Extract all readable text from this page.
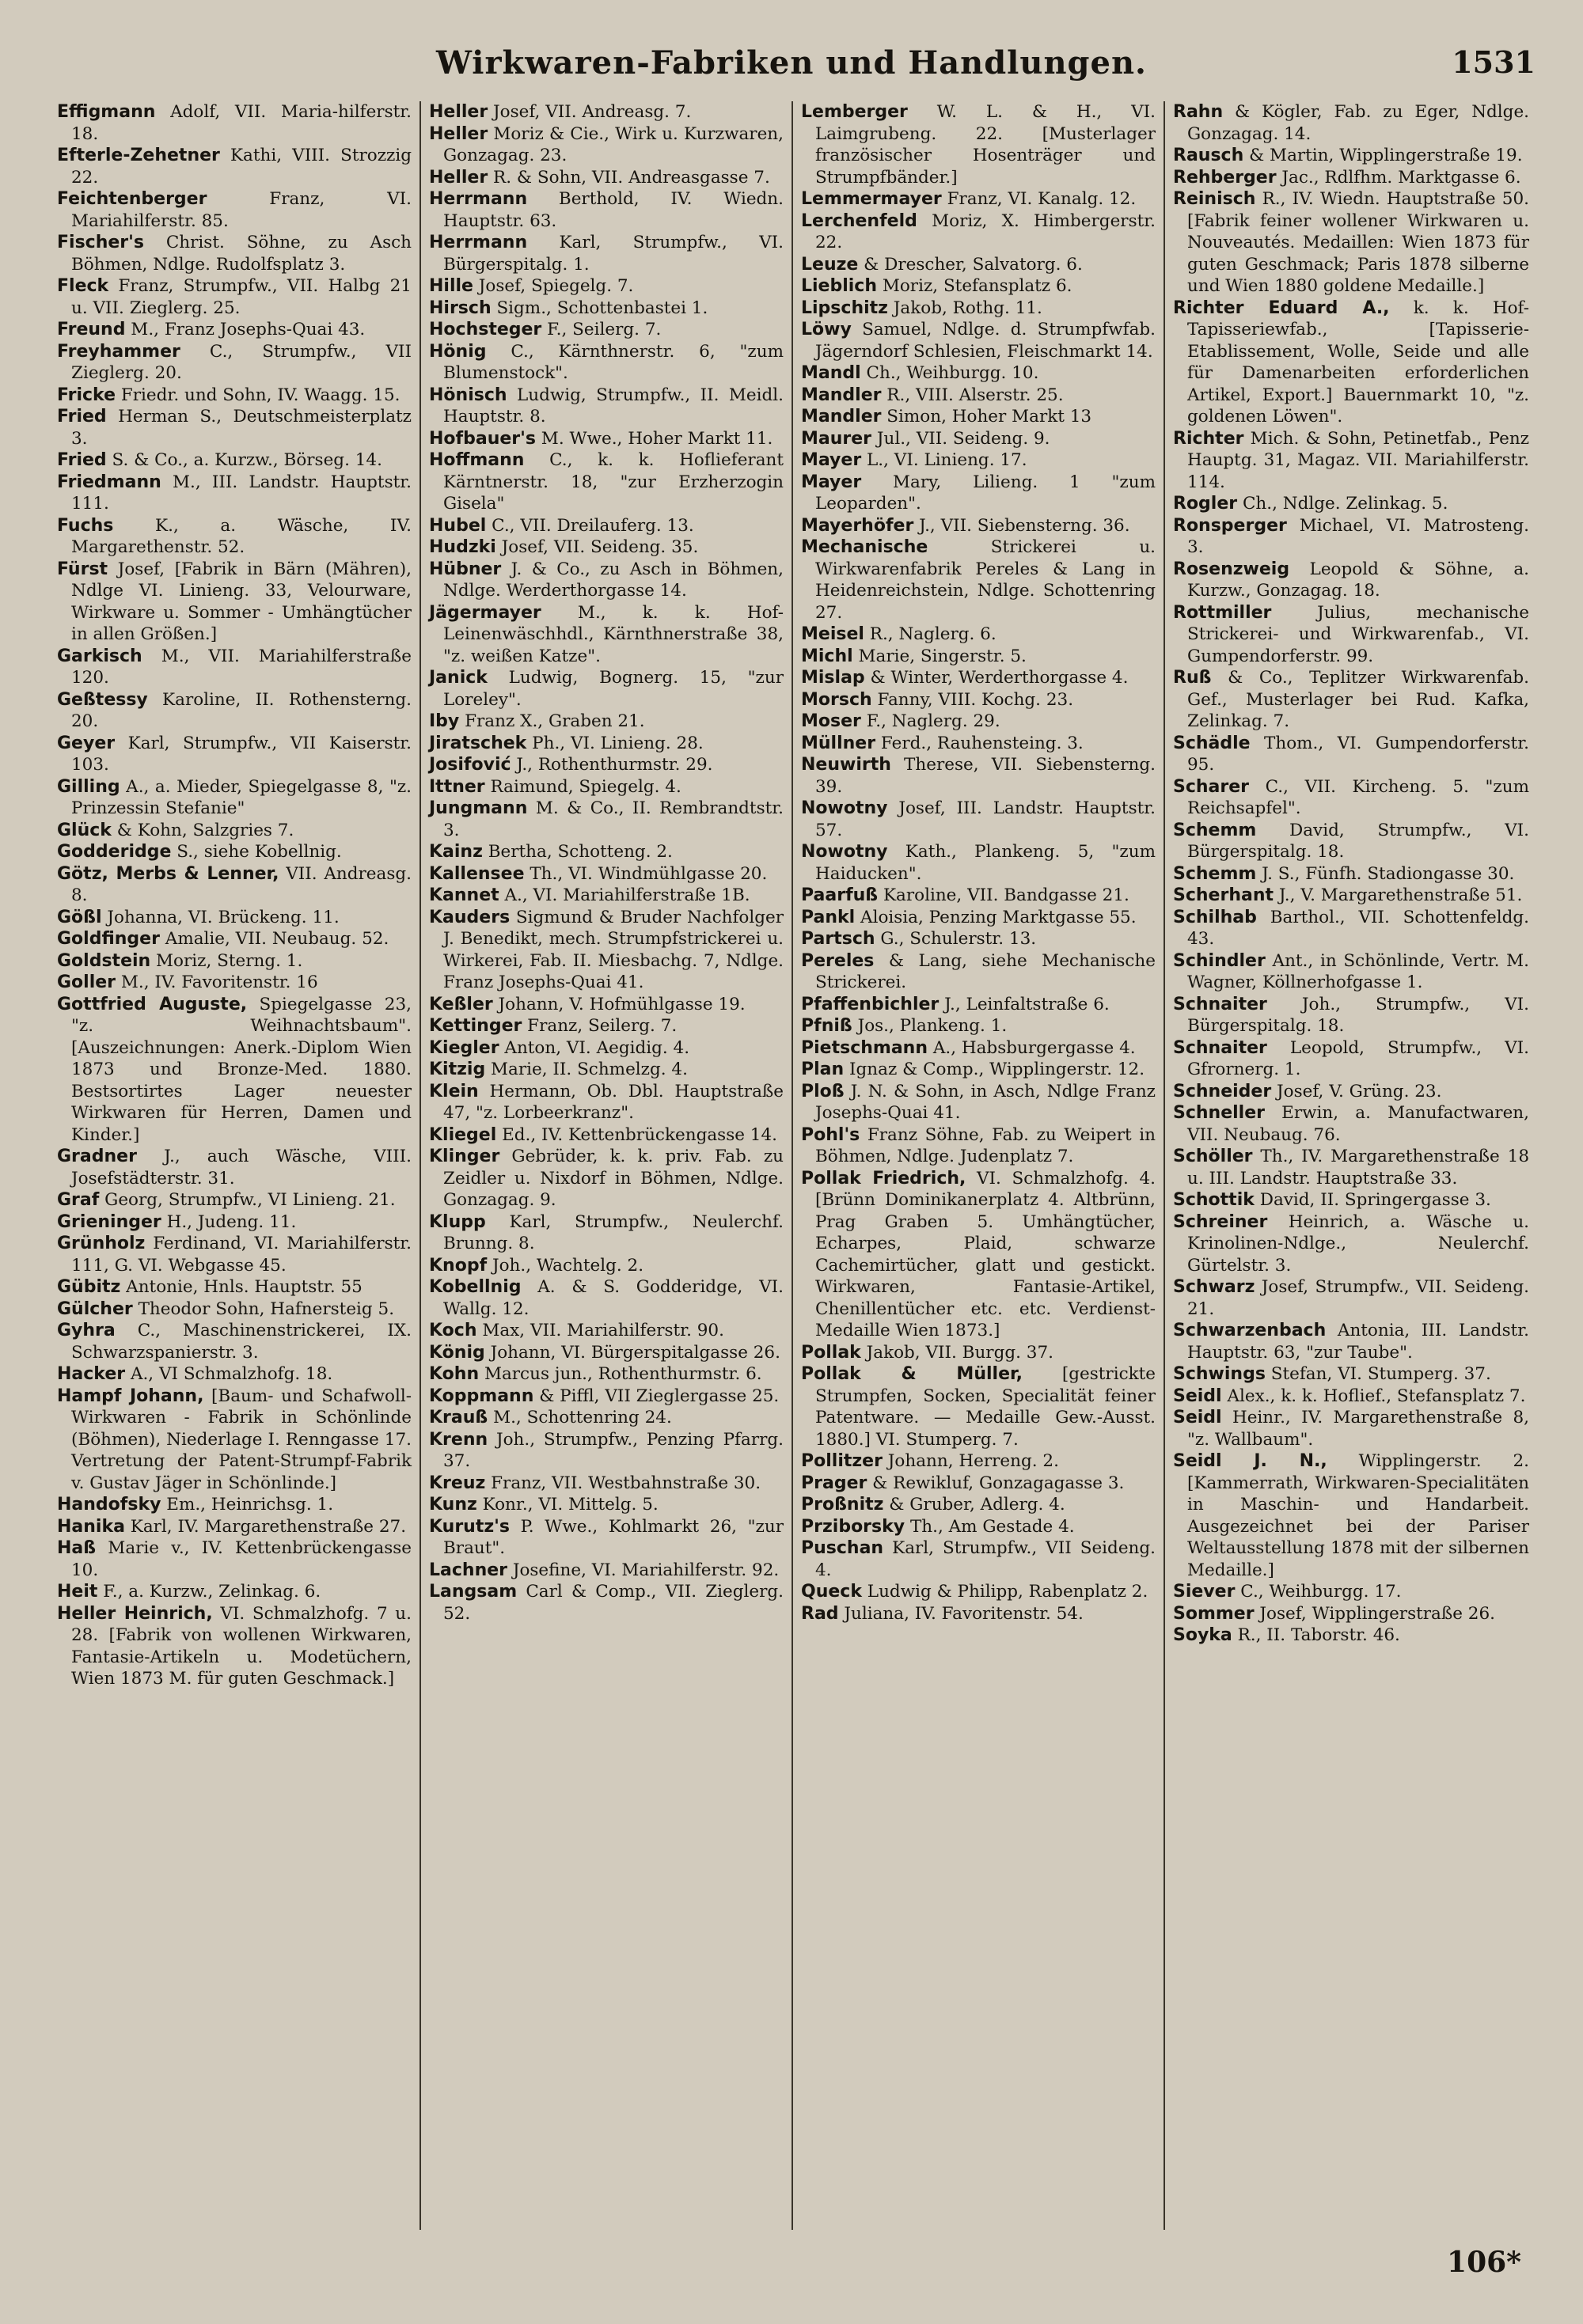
Wirkwaren-Fabriken und Handlungen.	1531

Effigmann Adolf, VII. Maria-hilferstr. 18.

Efterle-Zehetner Kathi, VIII. Strozzig 22.

Feichtenberger Franz, VI. Mariahilferstr. 85.

Fischer's Christ. Söhne, zu Asch Böhmen, Ndlge. Rudolfsplatz 3.

Fleck Franz, Strumpfw., VII. Halbg 21 u. VII. Zieglerg. 25.

Freund M., Franz Josephs-Quai 43.

Freyhammer C., Strumpfw., VII Zieglerg. 20.

Fricke Friedr. und Sohn, IV. Waagg. 15.

Fried Herman S., Deutschmeisterplatz 3.

Fried S. & Co., a. Kurzw., Börseg. 14.

Friedmann M., III. Landstr. Hauptstr. 111.

Fuchs K., a. Wäsche, IV. Margarethenstr. 52.

Fürst Josef, [Fabrik in Bärn (Mähren), Ndlge VI. Linieng. 33, Velourware, Wirkware u. Sommer - Umhängtücher in allen Größen.]

Garkisch M., VII. Mariahilferstraße 120.

Geßtessy Karoline, II. Rothensterng. 20.

Geyer Karl, Strumpfw., VII Kaiserstr. 103.

Gilling A., a. Mieder, Spiegelgasse 8, "z. Prinzessin Stefanie"

Glück & Kohn, Salzgries 7.

Godderidge S., siehe Kobellnig.

Götz, Merbs & Lenner, VII. Andreasg. 8.

Gößl Johanna, VI. Brückeng. 11.

Goldfinger Amalie, VII. Neubaug. 52.

Goldstein Moriz, Sterng. 1.

Goller M., IV. Favoritenstr. 16

Gottfried Auguste, Spiegelgasse 23, "z. Weihnachtsbaum". [Auszeichnungen: Anerk.-Diplom Wien 1873 und Bronze-Med. 1880. Bestsortirtes Lager neuester Wirkwaren für Herren, Damen und Kinder.]

Gradner J., auch Wäsche, VIII. Josefstädterstr. 31.

Graf Georg, Strumpfw., VI Linieng. 21.

Grieninger H., Judeng. 11.

Grünholz Ferdinand, VI. Mariahilferstr. 111, G. VI. Webgasse 45.

Gübitz Antonie, Hnls. Hauptstr. 55

Gülcher Theodor Sohn, Hafnersteig 5.

Gyhra C., Maschinenstrickerei, IX. Schwarzspanierstr. 3.

Hacker A., VI Schmalzhofg. 18.

Hampf Johann, [Baum- und Schafwoll-Wirkwaren - Fabrik in Schönlinde (Böhmen), Niederlage I. Renngasse 17. Vertretung der Patent-Strumpf-Fabrik v. Gustav Jäger in Schönlinde.]

Handofsky Em., Heinrichsg. 1.

Hanika Karl, IV. Margarethenstraße 27.

Haß Marie v., IV. Kettenbrückengasse 10.

Heit F., a. Kurzw., Zelinkag. 6.

Heller Heinrich, VI. Schmalzhofg. 7 u. 28. [Fabrik von wollenen Wirkwaren, Fantasie-Artikeln u. Modetüchern, Wien 1873 M. für guten Geschmack.]

Heller Josef, VII. Andreasg. 7.

Heller Moriz & Cie., Wirk u. Kurzwaren, Gonzagag. 23.

Heller R. & Sohn, VII. Andreasgasse 7.

Herrmann Berthold, IV. Wiedn. Hauptstr. 63.

Herrmann Karl, Strumpfw., VI. Bürgerspitalg. 1.

Hille Josef, Spiegelg. 7.

Hirsch Sigm., Schottenbastei 1.

Hochsteger F., Seilerg. 7.

Hönig C., Kärnthnerstr. 6, "zum Blumenstock".

Hönisch Ludwig, Strumpfw., II. Meidl. Hauptstr. 8.

Hofbauer's M. Wwe., Hoher Markt 11.

Hoffmann C., k. k. Hoflieferant Kärntnerstr. 18, "zur Erzherzogin Gisela"

Hubel C., VII. Dreilauferg. 13.

Hudzki Josef, VII. Seideng. 35.

Hübner J. & Co., zu Asch in Böhmen, Ndlge. Werderthorgasse 14.

Jägermayer M., k. k. Hof-Leinenwäschhdl., Kärnthnerstraße 38, "z. weißen Katze".

Janick Ludwig, Bognerg. 15, "zur Loreley".

Iby Franz X., Graben 21.

Jiratschek Ph., VI. Linieng. 28.

Josifović J., Rothenthurmstr. 29.

Ittner Raimund, Spiegelg. 4.

Jungmann M. & Co., II. Rembrandtstr. 3.

Kainz Bertha, Schotteng. 2.

Kallensee Th., VI. Windmühlgasse 20.

Kannet A., VI. Mariahilferstraße 1B.

Kauders Sigmund & Bruder Nachfolger J. Benedikt, mech. Strumpfstrickerei u. Wirkerei, Fab. II. Miesbachg. 7, Ndlge. Franz Josephs-Quai 41.

Keßler Johann, V. Hofmühlgasse 19.

Kettinger Franz, Seilerg. 7.

Kiegler Anton, VI. Aegidig. 4.

Kitzig Marie, II. Schmelzg. 4.

Klein Hermann, Ob. Dbl. Hauptstraße 47, "z. Lorbeerkranz".

Kliegel Ed., IV. Kettenbrückengasse 14.

Klinger Gebrüder, k. k. priv. Fab. zu Zeidler u. Nixdorf in Böhmen, Ndlge. Gonzagag. 9.

Klupp Karl, Strumpfw., Neulerchf. Brunng. 8.

Knopf Joh., Wachtelg. 2.

Kobellnig A. & S. Godderidge, VI. Wallg. 12.

Koch Max, VII. Mariahilferstr. 90.

König Johann, VI. Bürgerspitalgasse 26.

Kohn Marcus jun., Rothenthurmstr. 6.

Koppmann & Piffl, VII Zieglergasse 25.

Krauß M., Schottenring 24.

Krenn Joh., Strumpfw., Penzing Pfarrg. 37.

Kreuz Franz, VII. Westbahnstraße 30.

Kunz Konr., VI. Mittelg. 5.

Kurutz's P. Wwe., Kohlmarkt 26, "zur Braut".

Lachner Josefine, VI. Mariahilferstr. 92.

Langsam Carl & Comp., VII. Zieglerg. 52.

Lemberger W. L. & H., VI. Laimgrubeng. 22. [Musterlager französischer Hosenträger und Strumpfbänder.]

Lemmermayer Franz, VI. Kanalg. 12.

Lerchenfeld Moriz, X. Himbergerstr. 22.

Leuze & Drescher, Salvatorg. 6.

Lieblich Moriz, Stefansplatz 6.

Lipschitz Jakob, Rothg. 11.

Löwy Samuel, Ndlge. d. Strumpfwfab. Jägerndorf Schlesien, Fleischmarkt 14.

Mandl Ch., Weihburgg. 10.

Mandler R., VIII. Alserstr. 25.

Mandler Simon, Hoher Markt 13

Maurer Jul., VII. Seideng. 9.

Mayer L., VI. Linieng. 17.

Mayer Mary, Lilieng. 1 "zum Leoparden".

Mayerhöfer J., VII. Siebensterng. 36.

Mechanische Strickerei u. Wirkwarenfabrik Pereles & Lang in Heidenreichstein, Ndlge. Schottenring 27.

Meisel R., Naglerg. 6.

Michl Marie, Singerstr. 5.

Mislap & Winter, Werderthorgasse 4.

Morsch Fanny, VIII. Kochg. 23.

Moser F., Naglerg. 29.

Müllner Ferd., Rauhensteing. 3.

Neuwirth Therese, VII. Siebensterng. 39.

Nowotny Josef, III. Landstr. Hauptstr. 57.

Nowotny Kath., Plankeng. 5, "zum Haiducken".

Paarfuß Karoline, VII. Bandgasse 21.

Pankl Aloisia, Penzing Marktgasse 55.

Partsch G., Schulerstr. 13.

Pereles & Lang, siehe Mechanische Strickerei.

Pfaffenbichler J., Leinfaltstraße 6.

Pfniß Jos., Plankeng. 1.

Pietschmann A., Habsburgergasse 4.

Plan Ignaz & Comp., Wipplingerstr. 12.

Ploß J. N. & Sohn, in Asch, Ndlge Franz Josephs-Quai 41.

Pohl's Franz Söhne, Fab. zu Weipert in Böhmen, Ndlge. Judenplatz 7.

Pollak Friedrich, VI. Schmalzhofg. 4. [Brünn Dominikanerplatz 4. Altbrünn, Prag Graben 5. Umhängtücher, Echarpes, Plaid, schwarze Cachemirtücher, glatt und gestickt. Wirkwaren, Fantasie-Artikel, Chenillentücher etc. etc. Verdienst-Medaille Wien 1873.]

Pollak Jakob, VII. Burgg. 37.

Pollak & Müller, [gestrickte Strumpfen, Socken, Specialität feiner Patentware. — Medaille Gew.-Ausst. 1880.] VI. Stumperg. 7.

Pollitzer Johann, Herreng. 2.

Prager & Rewikluf, Gonzagagasse 3.

Proßnitz & Gruber, Adlerg. 4.

Prziborsky Th., Am Gestade 4.

Puschan Karl, Strumpfw., VII Seideng. 4.

Queck Ludwig & Philipp, Rabenplatz 2.

Rad Juliana, IV. Favoritenstr. 54.

Rahn & Kögler, Fab. zu Eger, Ndlge. Gonzagag. 14.

Rausch & Martin, Wipplingerstraße 19.

Rehberger Jac., Rdlfhm. Marktgasse 6.

Reinisch R., IV. Wiedn. Hauptstraße 50. [Fabrik feiner wollener Wirkwaren u. Nouveautés. Medaillen: Wien 1873 für guten Geschmack; Paris 1878 silberne und Wien 1880 goldene Medaille.]

Richter Eduard A., k. k. Hof-Tapisseriewfab., [Tapisserie-Etablissement, Wolle, Seide und alle für Damenarbeiten erforderlichen Artikel, Export.] Bauernmarkt 10, "z. goldenen Löwen".

Richter Mich. & Sohn, Petinetfab., Penz Hauptg. 31, Magaz. VII. Mariahilferstr. 114.

Rogler Ch., Ndlge. Zelinkag. 5.

Ronsperger Michael, VI. Matrosteng. 3.

Rosenzweig Leopold & Söhne, a. Kurzw., Gonzagag. 18.

Rottmiller Julius, mechanische Strickerei- und Wirkwarenfab., VI. Gumpendorferstr. 99.

Ruß & Co., Teplitzer Wirkwarenfab. Gef., Musterlager bei Rud. Kafka, Zelinkag. 7.

Schädle Thom., VI. Gumpendorferstr. 95.

Scharer C., VII. Kircheng. 5. "zum Reichsapfel".

Schemm David, Strumpfw., VI. Bürgerspitalg. 18.

Schemm J. S., Fünfh. Stadiongasse 30.

Scherhant J., V. Margarethenstraße 51.

Schilhab Barthol., VII. Schottenfeldg. 43.

Schindler Ant., in Schönlinde, Vertr. M. Wagner, Köllnerhofgasse 1.

Schnaiter Joh., Strumpfw., VI. Bürgerspitalg. 18.

Schnaiter Leopold, Strumpfw., VI. Gfrornerg. 1.

Schneider Josef, V. Grüng. 23.

Schneller Erwin, a. Manufactwaren, VII. Neubaug. 76.

Schöller Th., IV. Margarethenstraße 18 u. III. Landstr. Hauptstraße 33.

Schottik David, II. Springergasse 3.

Schreiner Heinrich, a. Wäsche u. Krinolinen-Ndlge., Neulerchf. Gürtelstr. 3.

Schwarz Josef, Strumpfw., VII. Seideng. 21.

Schwarzenbach Antonia, III. Landstr. Hauptstr. 63, "zur Taube".

Schwings Stefan, VI. Stumperg. 37.

Seidl Alex., k. k. Hoflief., Stefansplatz 7.

Seidl Heinr., IV. Margarethenstraße 8, "z. Wallbaum".

Seidl J. N., Wipplingerstr. 2. [Kammerrath, Wirkwaren-Specialitäten in Maschin- und Handarbeit. Ausgezeichnet bei der Pariser Weltausstellung 1878 mit der silbernen Medaille.]

Siever C., Weihburgg. 17.

Sommer Josef, Wipplingerstraße 26.

Soyka R., II. Taborstr. 46.

106*
